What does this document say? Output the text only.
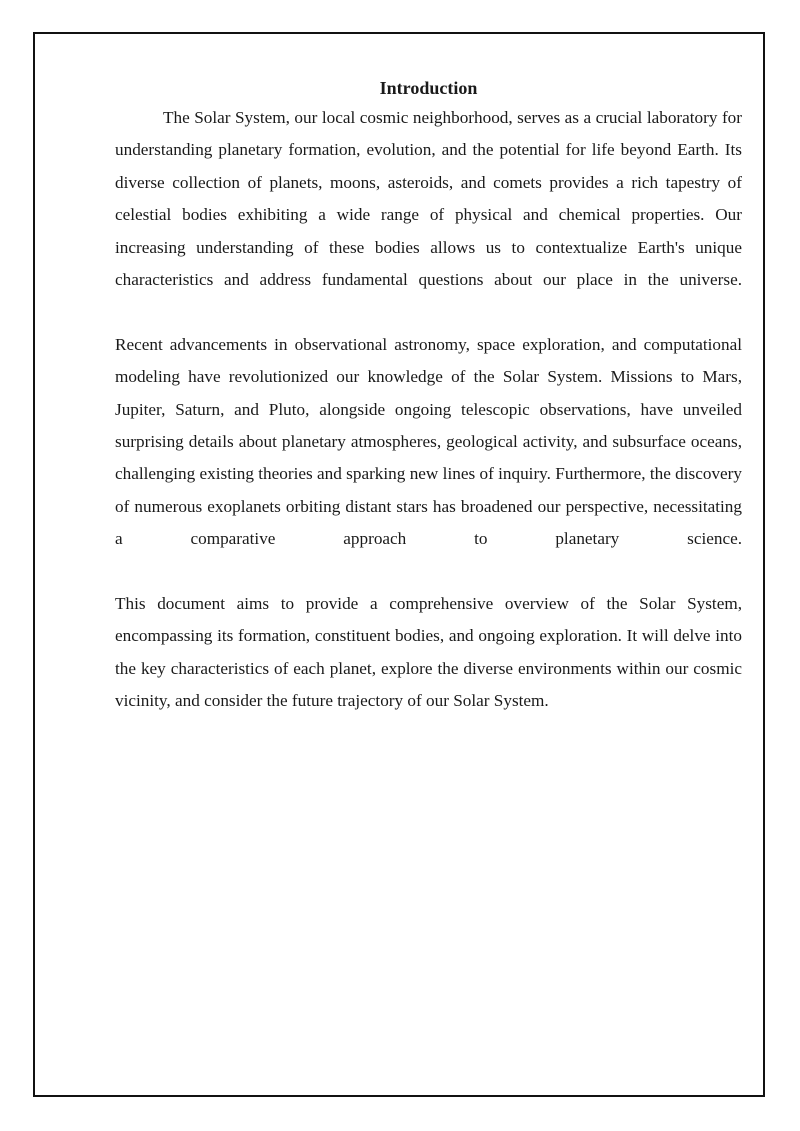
Introduction

The Solar System, our local cosmic neighborhood, serves as a crucial laboratory for understanding planetary formation, evolution, and the potential for life beyond Earth. Its diverse collection of planets, moons, asteroids, and comets provides a rich tapestry of celestial bodies exhibiting a wide range of physical and chemical properties. Our increasing understanding of these bodies allows us to contextualize Earth's unique characteristics and address fundamental questions about our place in the universe.

Recent advancements in observational astronomy, space exploration, and computational modeling have revolutionized our knowledge of the Solar System. Missions to Mars, Jupiter, Saturn, and Pluto, alongside ongoing telescopic observations, have unveiled surprising details about planetary atmospheres, geological activity, and subsurface oceans, challenging existing theories and sparking new lines of inquiry. Furthermore, the discovery of numerous exoplanets orbiting distant stars has broadened our perspective, necessitating a comparative approach to planetary science.

This document aims to provide a comprehensive overview of the Solar System, encompassing its formation, constituent bodies, and ongoing exploration. It will delve into the key characteristics of each planet, explore the diverse environments within our cosmic vicinity, and consider the future trajectory of our Solar System.
